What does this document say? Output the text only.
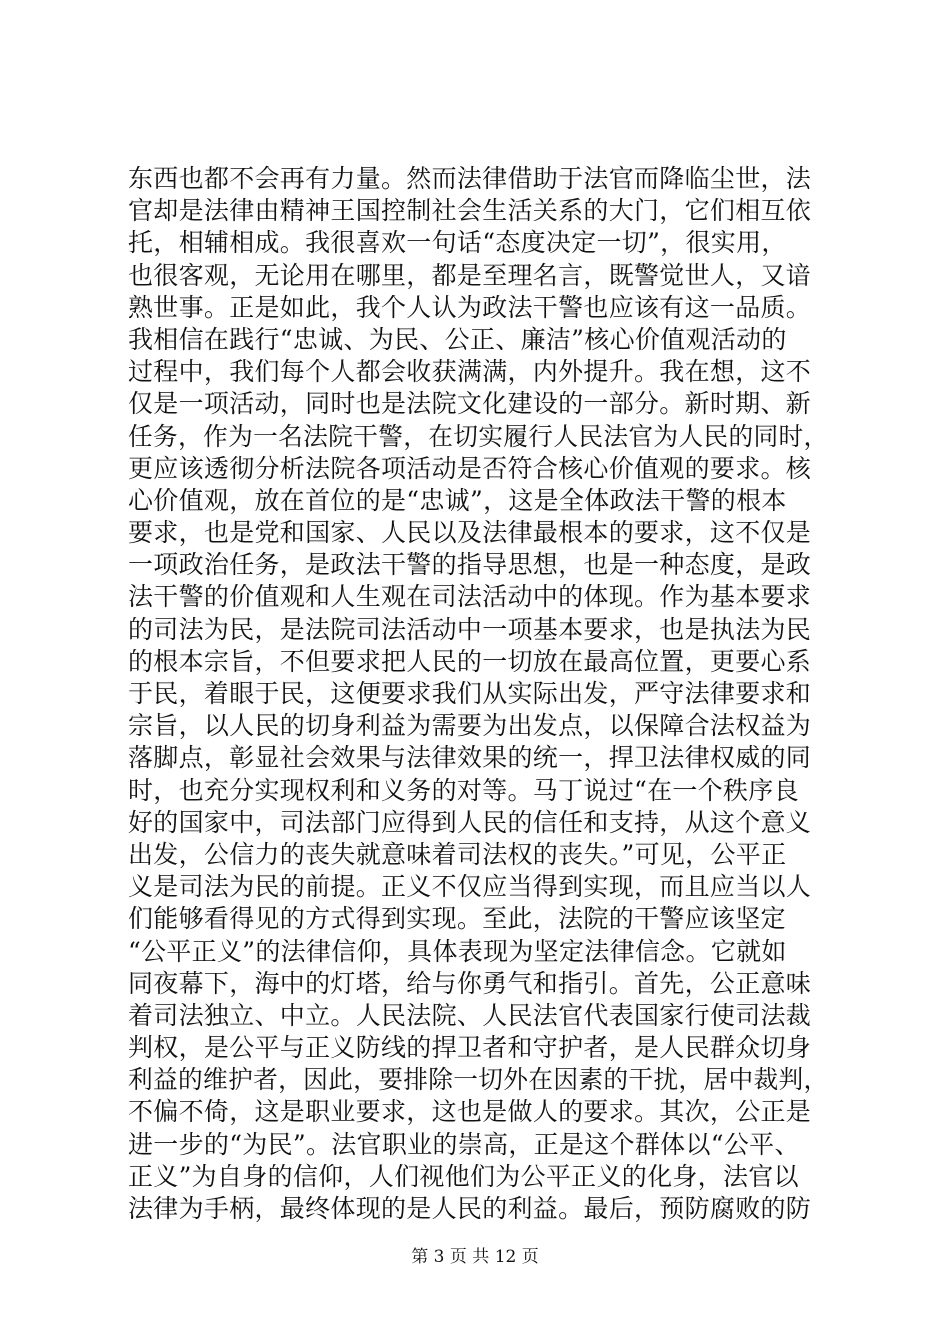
东西也都不会再有力量。然而法律借助于法官而降临尘世，法
官却是法律由精神王国控制社会生活关系的大门，它们相互依
托，相辅相成。我很喜欢一句话“态度决定一切”，很实用，
也很客观，无论用在哪里，都是至理名言，既警觉世人，又谙
熟世事。正是如此，我个人认为政法干警也应该有这一品质。
我相信在践行“忠诚、为民、公正、廉洁”核心价值观活动的
过程中，我们每个人都会收获满满，内外提升。我在想，这不
仅是一项活动，同时也是法院文化建设的一部分。新时期、新
任务，作为一名法院干警，在切实履行人民法官为人民的同时，
更应该透彻分析法院各项活动是否符合核心价值观的要求。核
心价值观，放在首位的是“忠诚”，这是全体政法干警的根本
要求，也是党和国家、人民以及法律最根本的要求，这不仅是
一项政治任务，是政法干警的指导思想，也是一种态度，是政
法干警的价值观和人生观在司法活动中的体现。作为基本要求
的司法为民，是法院司法活动中一项基本要求，也是执法为民
的根本宗旨，不但要求把人民的一切放在最高位置，更要心系
于民，着眼于民，这便要求我们从实际出发，严守法律要求和
宗旨，以人民的切身利益为需要为出发点，以保障合法权益为
落脚点，彰显社会效果与法律效果的统一，捍卫法律权威的同
时，也充分实现权利和义务的对等。马丁说过“在一个秩序良
好的国家中，司法部门应得到人民的信任和支持，从这个意义
出发，公信力的丧失就意味着司法权的丧失。”可见，公平正
义是司法为民的前提。正义不仅应当得到实现，而且应当以人
们能够看得见的方式得到实现。至此，法院的干警应该坚定
“公平正义”的法律信仰，具体表现为坚定法律信念。它就如
同夜幕下，海中的灯塔，给与你勇气和指引。首先，公正意味
着司法独立、中立。人民法院、人民法官代表国家行使司法裁
判权，是公平与正义防线的捍卫者和守护者，是人民群众切身
利益的维护者，因此，要排除一切外在因素的干扰，居中裁判，
不偏不倚，这是职业要求，这也是做人的要求。其次，公正是
进一步的“为民”。法官职业的崇高，正是这个群体以“公平、
正义”为自身的信仰，人们视他们为公平正义的化身，法官以
法律为手柄，最终体现的是人民的利益。最后，预防腐败的防
第 3 页 共 12 页
